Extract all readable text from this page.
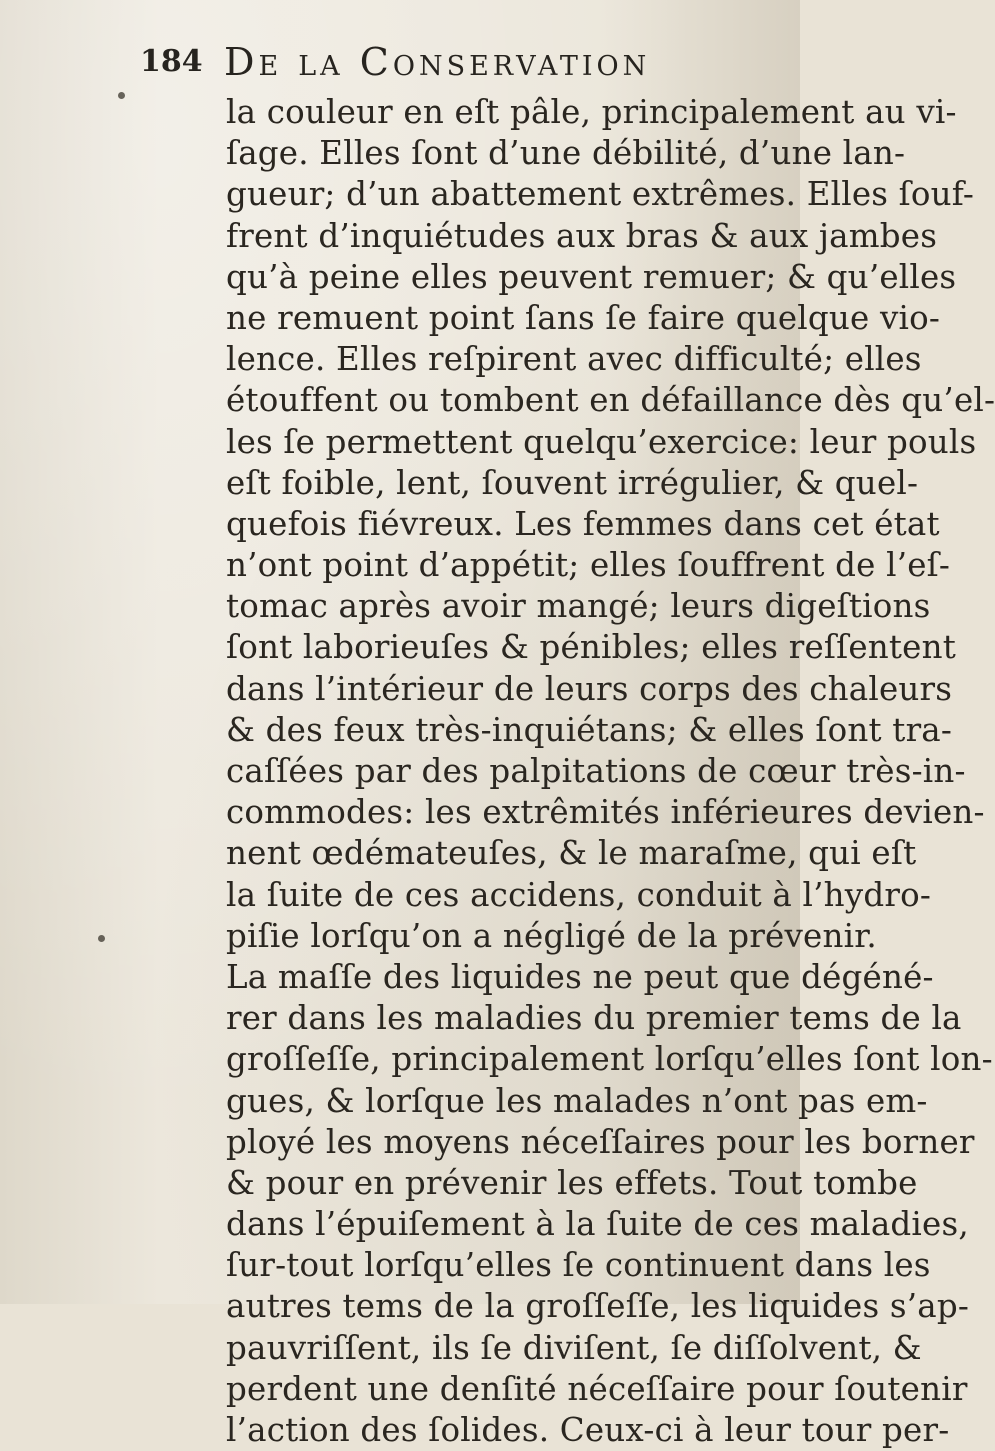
184 De la Conservation
la couleur en eſt pâle, principalement au vi-
ſage. Elles ſont d’une débilité, d’une lan-
gueur; d’un abattement extrêmes. Elles ſouf-
frent d’inquiétudes aux bras & aux jambes
qu’à peine elles peuvent remuer; & qu’elles
ne remuent point ſans ſe faire quelque vio-
lence. Elles reſpirent avec difficulté; elles
étouffent ou tombent en défaillance dès qu’el-
les ſe permettent quelqu’exercice: leur pouls
eſt foible, lent, ſouvent irrégulier, & quel-
quefois fiévreux. Les femmes dans cet état
n’ont point d’appétit; elles ſouffrent de l’eſ-
tomac après avoir mangé; leurs digeſtions
ſont laborieuſes & pénibles; elles reſſentent
dans l’intérieur de leurs corps des chaleurs
& des feux très-inquiétans; & elles ſont tra-
caſſées par des palpitations de cœur très-in-
commodes: les extrêmités inférieures devien-
nent œdémateuſes, & le maraſme, qui eſt
la ſuite de ces accidens, conduit à l’hydro-
piſie lorſqu’on a négligé de la prévenir.
La maſſe des liquides ne peut que dégéné-
rer dans les maladies du premier tems de la
groſſeſſe, principalement lorſqu’elles ſont lon-
gues, & lorſque les malades n’ont pas em-
ployé les moyens néceſſaires pour les borner
& pour en prévenir les effets. Tout tombe
dans l’épuiſement à la ſuite de ces maladies,
ſur-tout lorſqu’elles ſe continuent dans les
autres tems de la groſſeſſe, les liquides s’ap-
pauvriſſent, ils ſe diviſent, ſe diſſolvent, &
perdent une denſité néceſſaire pour ſoutenir
l’action des ſolides. Ceux-ci à leur tour per-
